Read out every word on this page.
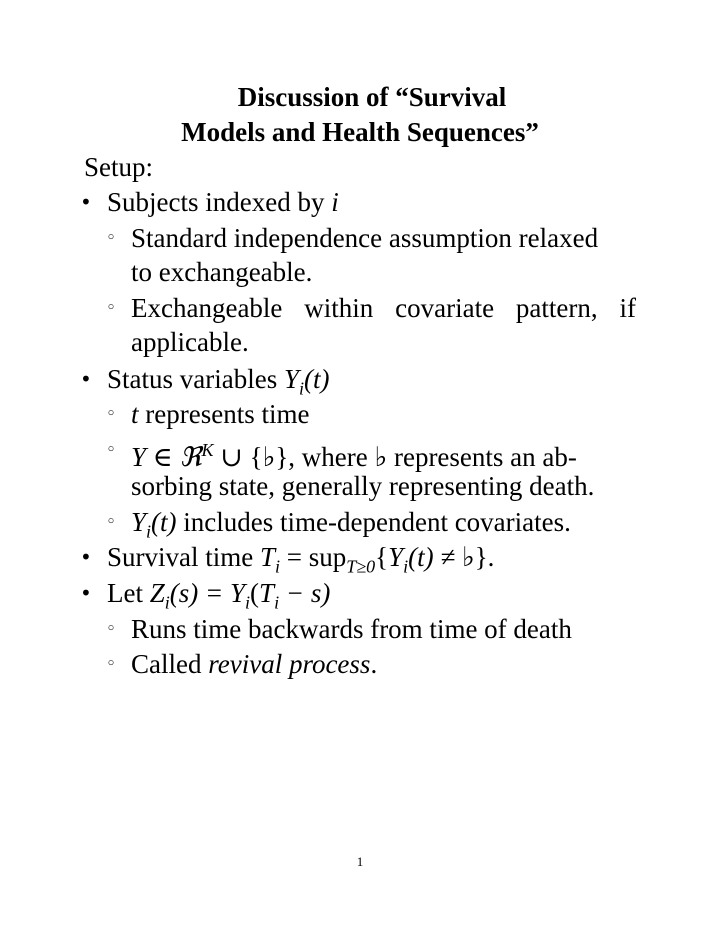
Discussion of “Survival
Models and Health Sequences”
Setup:
• Subjects indexed by i
◦ Standard independence assumption relaxed
to exchangeable.
◦ Exchangeable within covariate pattern, if
applicable.
• Status variables $Y_i(t)$
◦ t represents time
◦ Y ∈ ℜ$^K$ ∪ {♭}, where ♭ represents an ab-
sorbing state, generally representing death.
◦ $Y_i(t)$ includes time-dependent covariates.
• Survival time $T_i = sup_{T\ge 0}\{Y_i(t)$ ≠ ♭}.
• Let $Z_i(s) = Y_i(T_i - s)$
◦ Runs time backwards from time of death
◦ Called revival process.
1
